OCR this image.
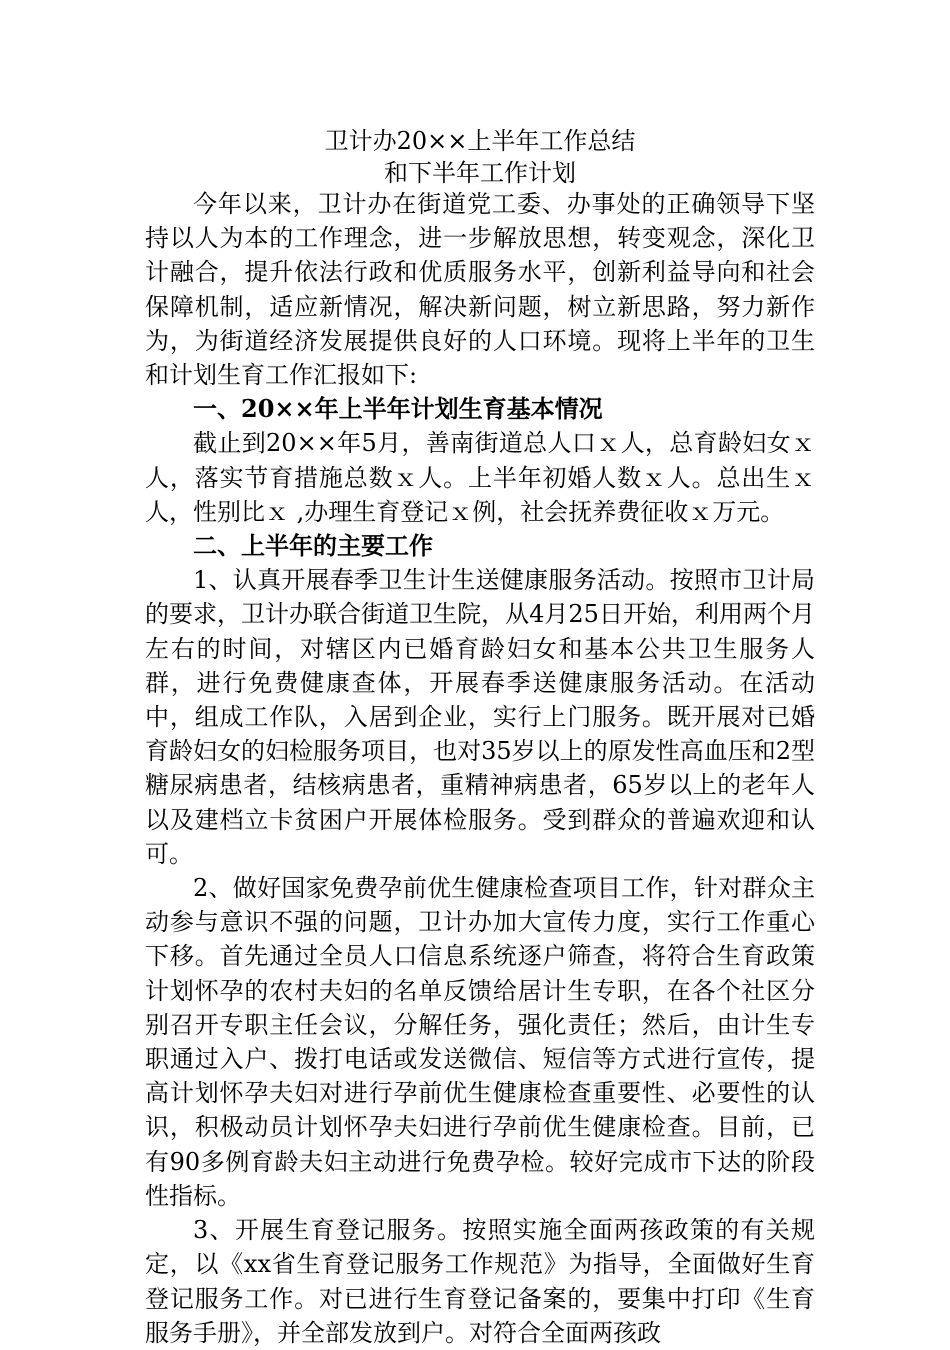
卫计办20××上半年工作总结
和下半年工作计划

今年以来，卫计办在街道党工委、办事处的正确领导下坚持以人为本的工作理念，进一步解放思想，转变观念，深化卫计融合，提升依法行政和优质服务水平，创新利益导向和社会保障机制，适应新情况，解决新问题，树立新思路，努力新作为，为街道经济发展提供良好的人口环境。现将上半年的卫生和计划生育工作汇报如下:

一、20××年上半年计划生育基本情况

截止到20××年5月，善南街道总人口ｘ人，总育龄妇女ｘ人，落实节育措施总数ｘ人。上半年初婚人数ｘ人。总出生ｘ人，性别比ｘ ,办理生育登记ｘ例，社会抚养费征收ｘ万元。

二、上半年的主要工作

1、认真开展春季卫生计生送健康服务活动。按照市卫计局的要求，卫计办联合街道卫生院，从4月25日开始，利用两个月左右的时间，对辖区内已婚育龄妇女和基本公共卫生服务人群，进行免费健康查体，开展春季送健康服务活动。在活动中，组成工作队，入居到企业，实行上门服务。既开展对已婚育龄妇女的妇检服务项目，也对35岁以上的原发性高血压和2型糖尿病患者，结核病患者，重精神病患者，65岁以上的老年人以及建档立卡贫困户开展体检服务。受到群众的普遍欢迎和认可。

2、做好国家免费孕前优生健康检查项目工作，针对群众主动参与意识不强的问题，卫计办加大宣传力度，实行工作重心下移。首先通过全员人口信息系统逐户筛查，将符合生育政策计划怀孕的农村夫妇的名单反馈给居计生专职，在各个社区分别召开专职主任会议，分解任务，强化责任；然后，由计生专职通过入户、拨打电话或发送微信、短信等方式进行宣传，提高计划怀孕夫妇对进行孕前优生健康检查重要性、必要性的认识，积极动员计划怀孕夫妇进行孕前优生健康检查。目前，已有90多例育龄夫妇主动进行免费孕检。较好完成市下达的阶段性指标。

3、开展生育登记服务。按照实施全面两孩政策的有关规定，以《xx省生育登记服务工作规范》为指导，全面做好生育登记服务工作。对已进行生育登记备案的，要集中打印《生育服务手册》，并全部发放到户。对符合全面两孩政
